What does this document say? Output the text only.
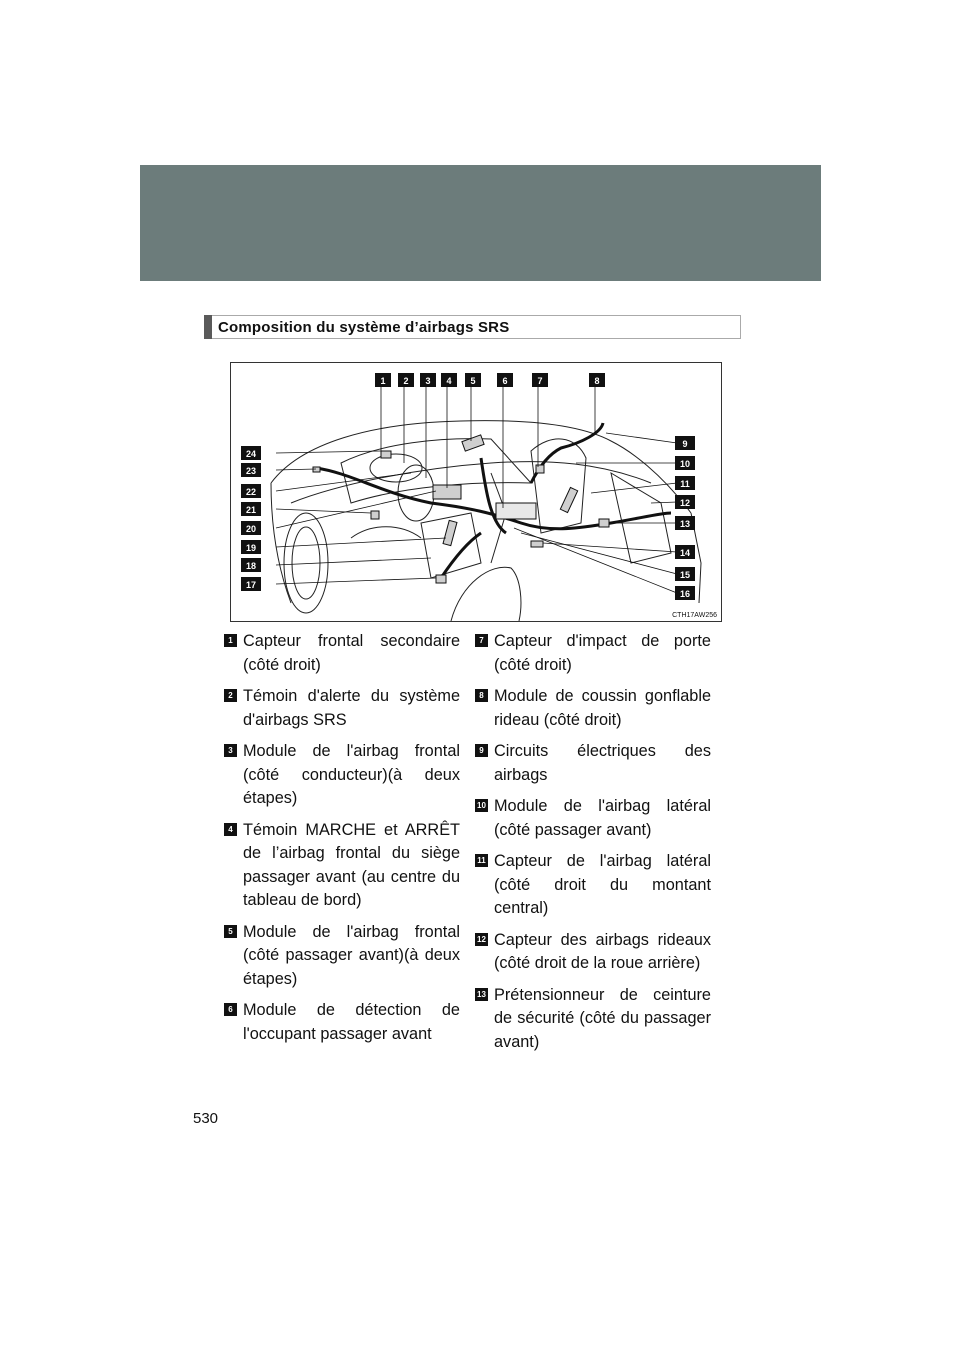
Composition du système d’airbags SRS
1 2 3 4 5	6	7	8
9
10
11
12
13
14
15
16
24
23
22
21
20
19
18
17
CTH17AW256
1 Capteur frontal secondaire (côté droit)
2 Témoin d'alerte du système d'airbags SRS
3 Module de l'airbag frontal (côté conducteur)(à deux étapes)
4 Témoin MARCHE et ARRÊT de l’airbag frontal du siège passager avant (au centre du tableau de bord)
5 Module de l'airbag frontal (côté passager avant)(à deux étapes)
6 Module de détection de l'occupant passager avant
7 Capteur d'impact de porte (côté droit)
8 Module de coussin gonflable rideau (côté droit)
9 Circuits électriques des airbags
10 Module de l'airbag latéral (côté passager avant)
11 Capteur de l'airbag latéral (côté droit du montant central)
12 Capteur des airbags rideaux (côté droit de la roue arrière)
13 Prétensionneur de ceinture de sécurité (côté du passager avant)
530
